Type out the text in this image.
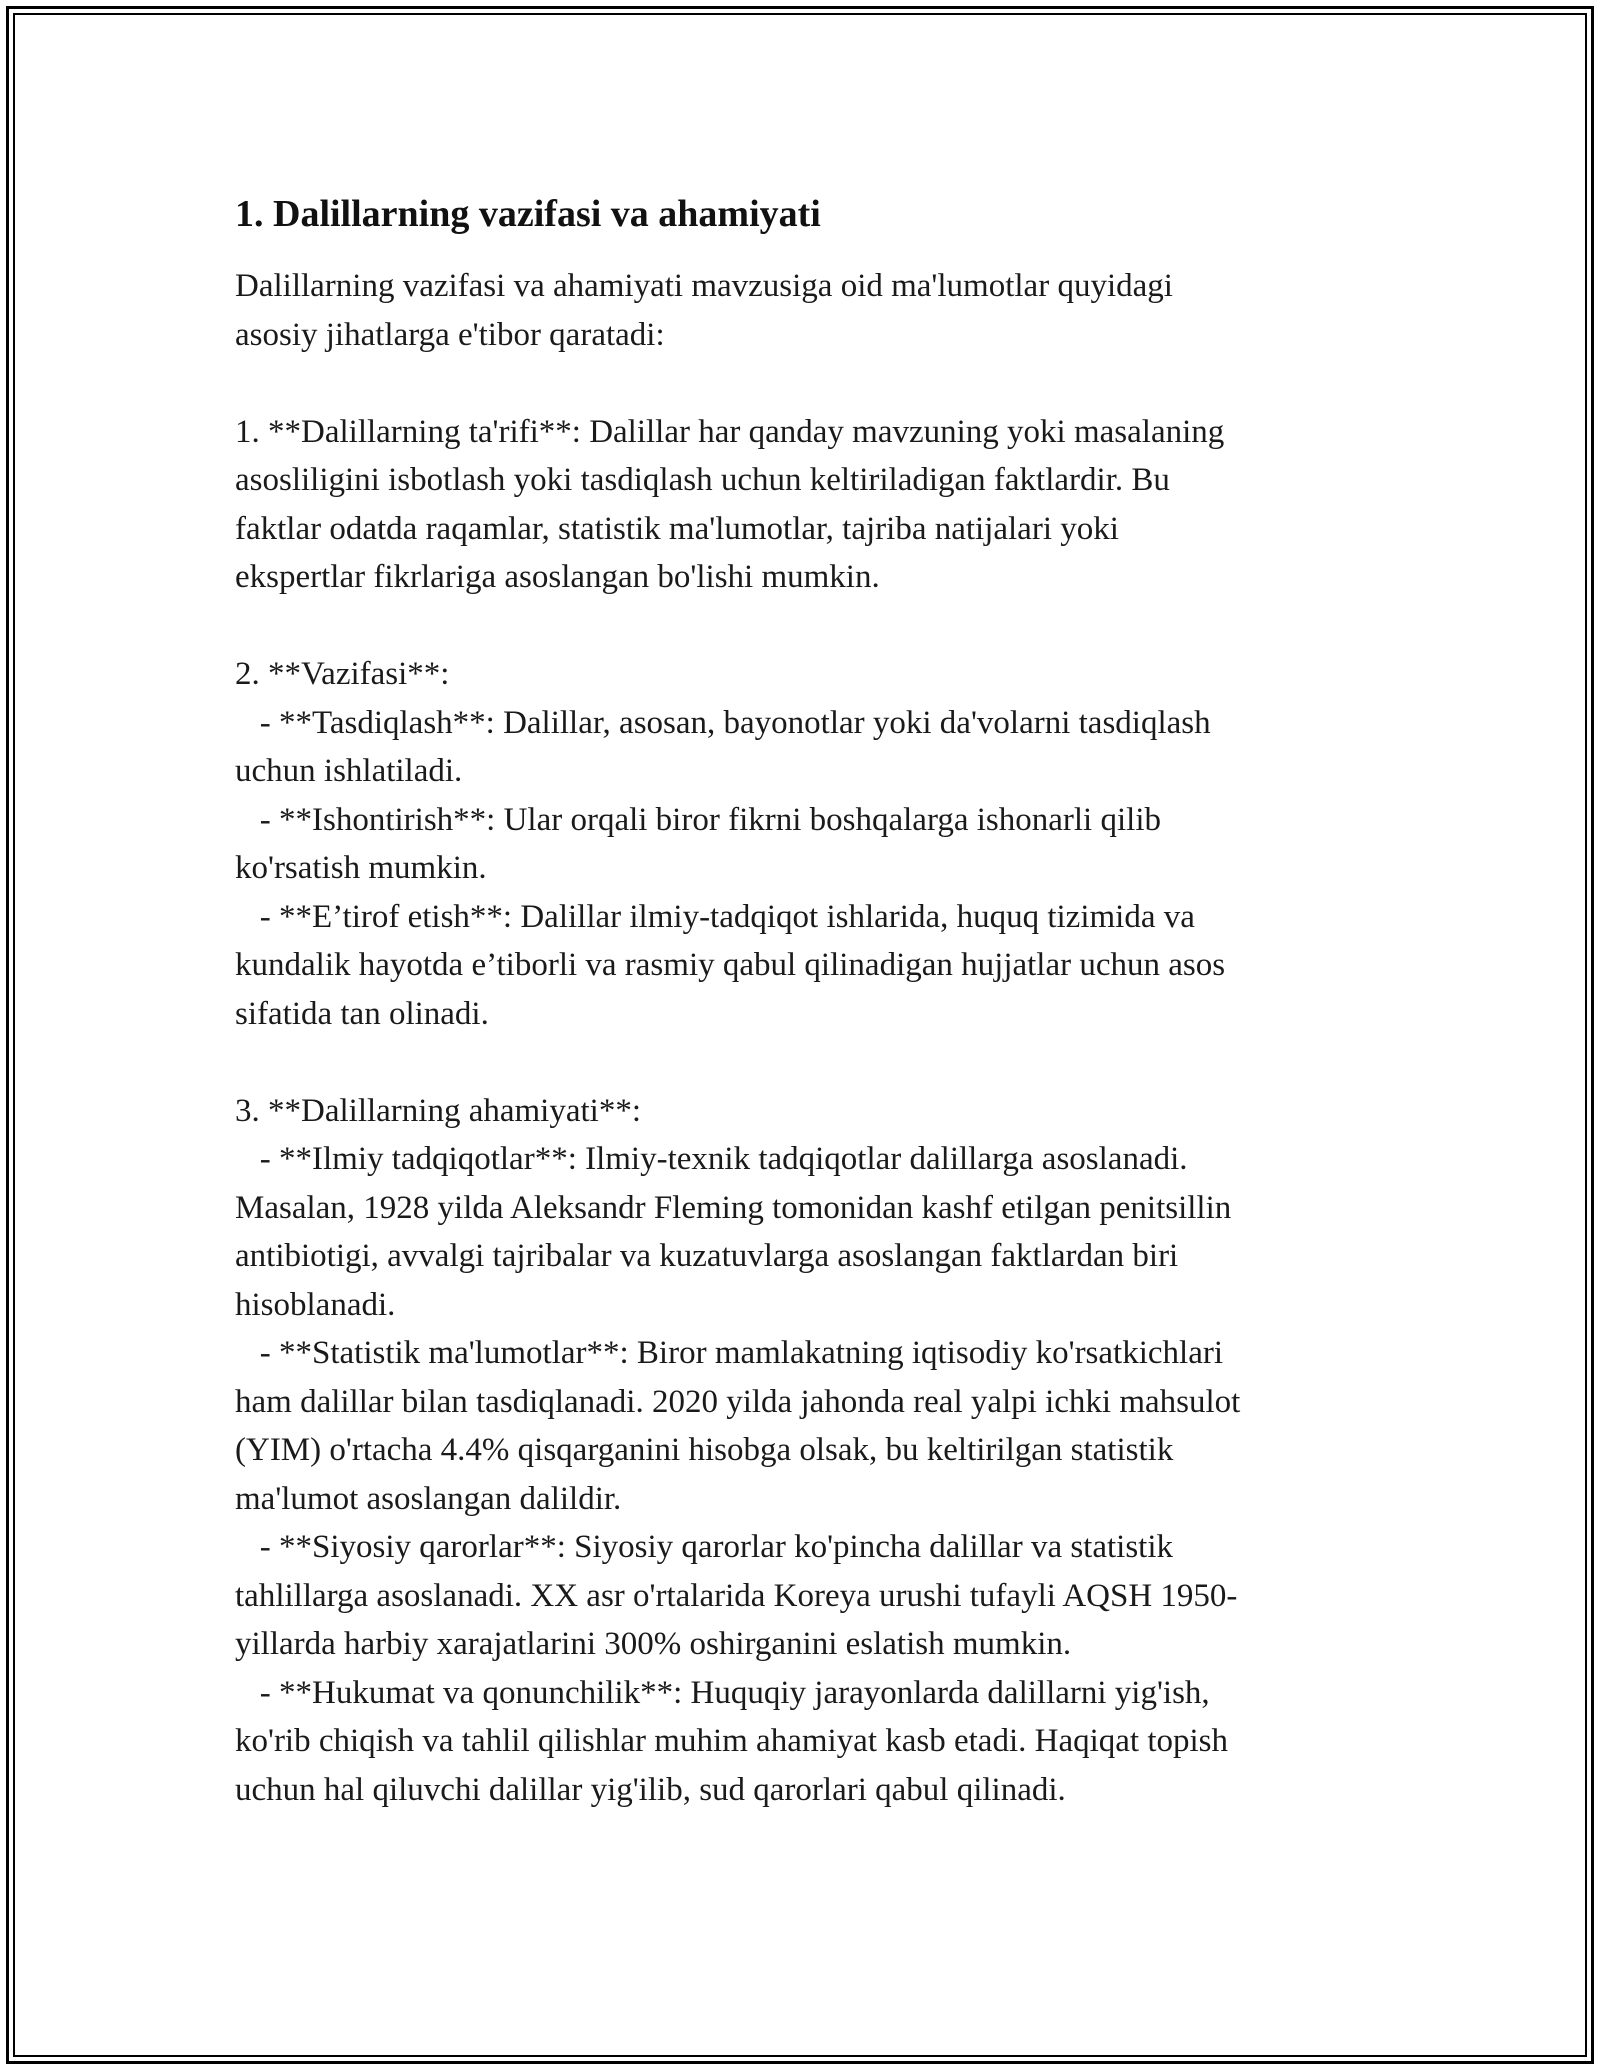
1. Dalillarning vazifasi va ahamiyati

Dalillarning vazifasi va ahamiyati mavzusiga oid ma'lumotlar quyidagi
asosiy jihatlarga e'tibor qaratadi:

1. **Dalillarning ta'rifi**: Dalillar har qanday mavzuning yoki masalaning
asosliligini isbotlash yoki tasdiqlash uchun keltiriladigan faktlardir. Bu
faktlar odatda raqamlar, statistik ma'lumotlar, tajriba natijalari yoki
ekspertlar fikrlariga asoslangan bo'lishi mumkin.

2. **Vazifasi**:
- **Tasdiqlash**: Dalillar, asosan, bayonotlar yoki da'volarni tasdiqlash
uchun ishlatiladi.
- **Ishontirish**: Ular orqali biror fikrni boshqalarga ishonarli qilib
ko'rsatish mumkin.
- **E’tirof etish**: Dalillar ilmiy-tadqiqot ishlarida, huquq tizimida va
kundalik hayotda e’tiborli va rasmiy qabul qilinadigan hujjatlar uchun asos
sifatida tan olinadi.

3. **Dalillarning ahamiyati**:
- **Ilmiy tadqiqotlar**: Ilmiy-texnik tadqiqotlar dalillarga asoslanadi.
Masalan, 1928 yilda Aleksandr Fleming tomonidan kashf etilgan penitsillin
antibiotigi, avvalgi tajribalar va kuzatuvlarga asoslangan faktlardan biri
hisoblanadi.
- **Statistik ma'lumotlar**: Biror mamlakatning iqtisodiy ko'rsatkichlari
ham dalillar bilan tasdiqlanadi. 2020 yilda jahonda real yalpi ichki mahsulot
(YIM) o'rtacha 4.4% qisqarganini hisobga olsak, bu keltirilgan statistik
ma'lumot asoslangan dalildir.
- **Siyosiy qarorlar**: Siyosiy qarorlar ko'pincha dalillar va statistik
tahlillarga asoslanadi. XX asr o'rtalarida Koreya urushi tufayli AQSH 1950-
yillarda harbiy xarajatlarini 300% oshirganini eslatish mumkin.
- **Hukumat va qonunchilik**: Huquqiy jarayonlarda dalillarni yig'ish,
ko'rib chiqish va tahlil qilishlar muhim ahamiyat kasb etadi. Haqiqat topish
uchun hal qiluvchi dalillar yig'ilib, sud qarorlari qabul qilinadi.
